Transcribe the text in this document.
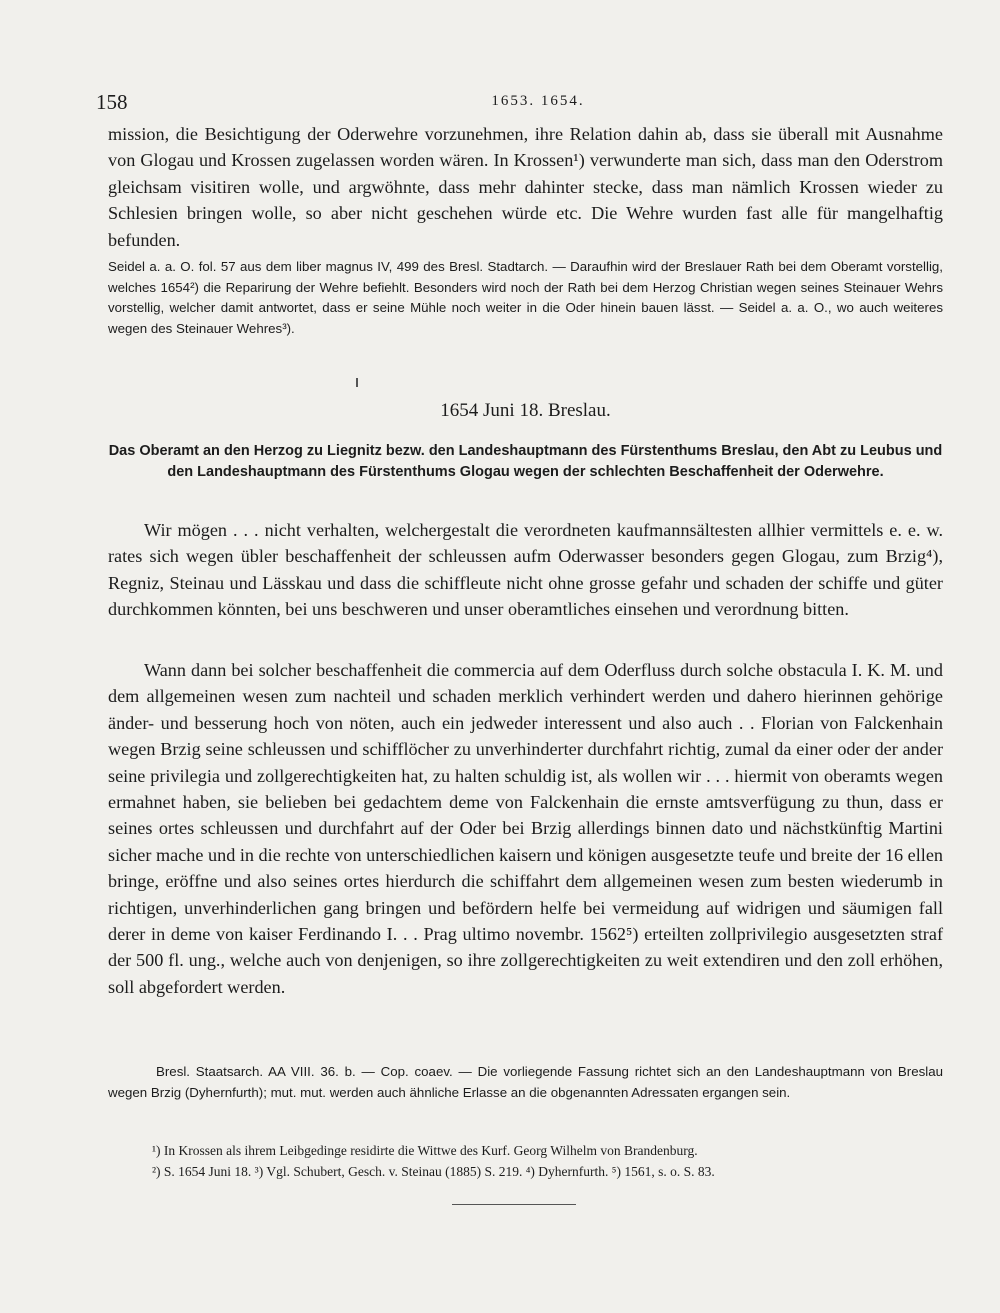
158	1653. 1654.

mission, die Besichtigung der Oderwehre vorzunehmen, ihre Relation dahin ab, dass sie überall mit Ausnahme von Glogau und Krossen zugelassen worden wären. In Krossen¹) verwunderte man sich, dass man den Oderstrom gleichsam visitiren wolle, und argwöhnte, dass mehr dahinter stecke, dass man nämlich Krossen wieder zu Schlesien bringen wolle, so aber nicht geschehen würde etc. Die Wehre wurden fast alle für mangelhaftig befunden.

Seidel a. a. O. fol. 57 aus dem liber magnus IV, 499 des Bresl. Stadtarch. — Daraufhin wird der Breslauer Rath bei dem Oberamt vorstellig, welches 1654²) die Reparirung der Wehre befiehlt. Besonders wird noch der Rath bei dem Herzog Christian wegen seines Steinauer Wehrs vorstellig, welcher damit antwortet, dass er seine Mühle noch weiter in die Oder hinein bauen lässt. — Seidel a. a. O., wo auch weiteres wegen des Steinauer Wehres³).

1654 Juni 18. Breslau.

Das Oberamt an den Herzog zu Liegnitz bezw. den Landeshauptmann des Fürstenthums Breslau, den Abt zu Leubus und den Landeshauptmann des Fürstenthums Glogau wegen der schlechten Beschaffenheit der Oderwehre.

Wir mögen . . . nicht verhalten, welchergestalt die verordneten kaufmannsältesten allhier vermittels e. e. w. rates sich wegen übler beschaffenheit der schleussen aufm Oderwasser besonders gegen Glogau, zum Brzig⁴), Regniz, Steinau und Lässkau und dass die schiffleute nicht ohne grosse gefahr und schaden der schiffe und güter durchkommen könnten, bei uns beschweren und unser oberamtliches einsehen und verordnung bitten.

Wann dann bei solcher beschaffenheit die commercia auf dem Oderfluss durch solche obstacula I. K. M. und dem allgemeinen wesen zum nachteil und schaden merklich verhindert werden und dahero hierinnen gehörige änder- und besserung hoch von nöten, auch ein jedweder interessent und also auch . . Florian von Falckenhain wegen Brzig seine schleussen und schifflöcher zu unverhinderter durchfahrt richtig, zumal da einer oder der ander seine privilegia und zollgerechtigkeiten hat, zu halten schuldig ist, als wollen wir . . . hiermit von oberamts wegen ermahnet haben, sie belieben bei gedachtem deme von Falckenhain die ernste amtsverfügung zu thun, dass er seines ortes schleussen und durchfahrt auf der Oder bei Brzig allerdings binnen dato und nächstkünftig Martini sicher mache und in die rechte von unterschiedlichen kaisern und königen ausgesetzte teufe und breite der 16 ellen bringe, eröffne und also seines ortes hierdurch die schiffahrt dem allgemeinen wesen zum besten wiederumb in richtigen, unverhinderlichen gang bringen und befördern helfe bei vermeidung auf widrigen und säumigen fall derer in deme von kaiser Ferdinando I. . . Prag ultimo novembr. 1562⁵) erteilten zollprivilegio ausgesetzten straf der 500 fl. ung., welche auch von denjenigen, so ihre zollgerechtigkeiten zu weit extendiren und den zoll erhöhen, soll abgefordert werden.

Bresl. Staatsarch. AA VIII. 36. b. — Cop. coaev. — Die vorliegende Fassung richtet sich an den Landeshauptmann von Breslau wegen Brzig (Dyhernfurth); mut. mut. werden auch ähnliche Erlasse an die obgenannten Adressaten ergangen sein.

¹) In Krossen als ihrem Leibgedinge residirte die Wittwe des Kurf. Georg Wilhelm von Brandenburg.

²) S. 1654 Juni 18. ³) Vgl. Schubert, Gesch. v. Steinau (1885) S. 219. ⁴) Dyhernfurth. ⁵) 1561, s. o. S. 83.
